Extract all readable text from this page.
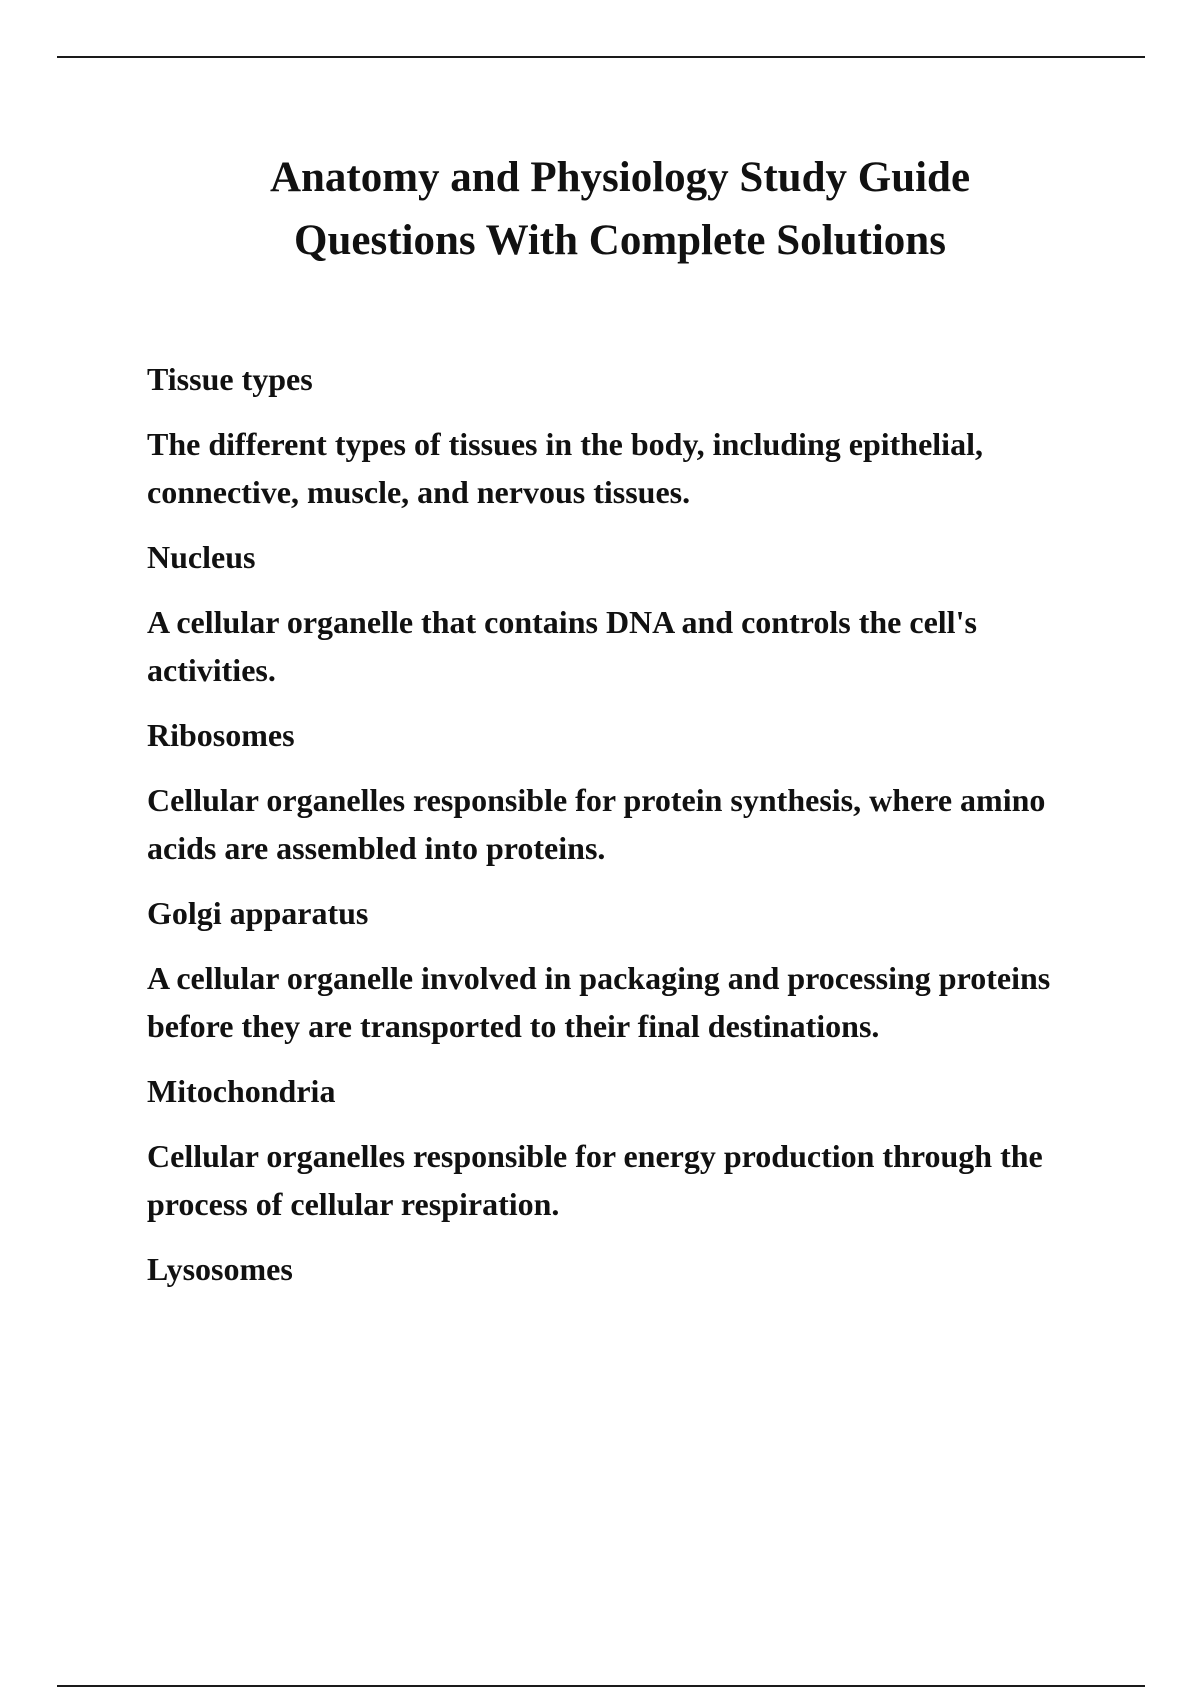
Anatomy and Physiology Study Guide
Questions With Complete Solutions

Tissue types

The different types of tissues in the body, including epithelial, connective, muscle, and nervous tissues.

Nucleus

A cellular organelle that contains DNA and controls the cell's activities.

Ribosomes

Cellular organelles responsible for protein synthesis, where amino acids are assembled into proteins.

Golgi apparatus

A cellular organelle involved in packaging and processing proteins before they are transported to their final destinations.

Mitochondria

Cellular organelles responsible for energy production through the process of cellular respiration.

Lysosomes
